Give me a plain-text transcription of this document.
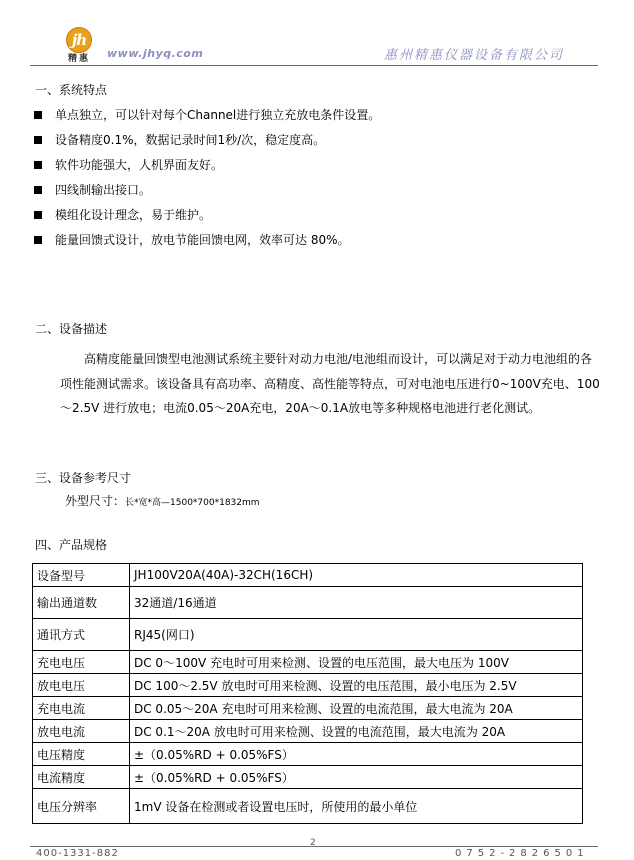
jh
精惠 www.jhyq.com	惠州精惠仪器设备有限公司
一、系统特点
单点独立，可以针对每个Channel进行独立充放电条件设置。
设备精度0.1%，数据记录时间1秒/次，稳定度高。
软件功能强大，人机界面友好。
四线制输出接口。
模组化设计理念，易于维护。
能量回馈式设计，放电节能回馈电网，效率可达 80%。
二、设备描述

高精度能量回馈型电池测试系统主要针对动力电池/电池组而设计，可以满足对于动力电池组的各项性能测试需求。该设备具有高功率、高精度、高性能等特点，可对电池电压进行0~100V充电、100～2.5V 进行放电；电流0.05～20A充电，20A～0.1A放电等多种规格电池进行老化测试。

三、设备参考尺寸
外型尺寸：长*宽*高—1500*700*1832mm
四、产品规格
设备型号	JH100V20A(40A)-32CH(16CH)
输出通道数	32通道/16通道
通讯方式	RJ45(网口)
充电电压	DC 0～100V 充电时可用来检测、设置的电压范围，最大电压为 100V
放电电压	DC 100～2.5V 放电时可用来检测、设置的电压范围，最小电压为 2.5V
充电电流	DC 0.05～20A 充电时可用来检测、设置的电流范围，最大电流为 20A
放电电流	DC 0.1～20A 放电时可用来检测、设置的电流范围，最大电流为 20A
电压精度	±（0.05%RD + 0.05%FS）
电流精度	±（0.05%RD + 0.05%FS）
电压分辨率	1mV 设备在检测或者设置电压时，所使用的最小单位
2
400-1331-882	0752-2826501
